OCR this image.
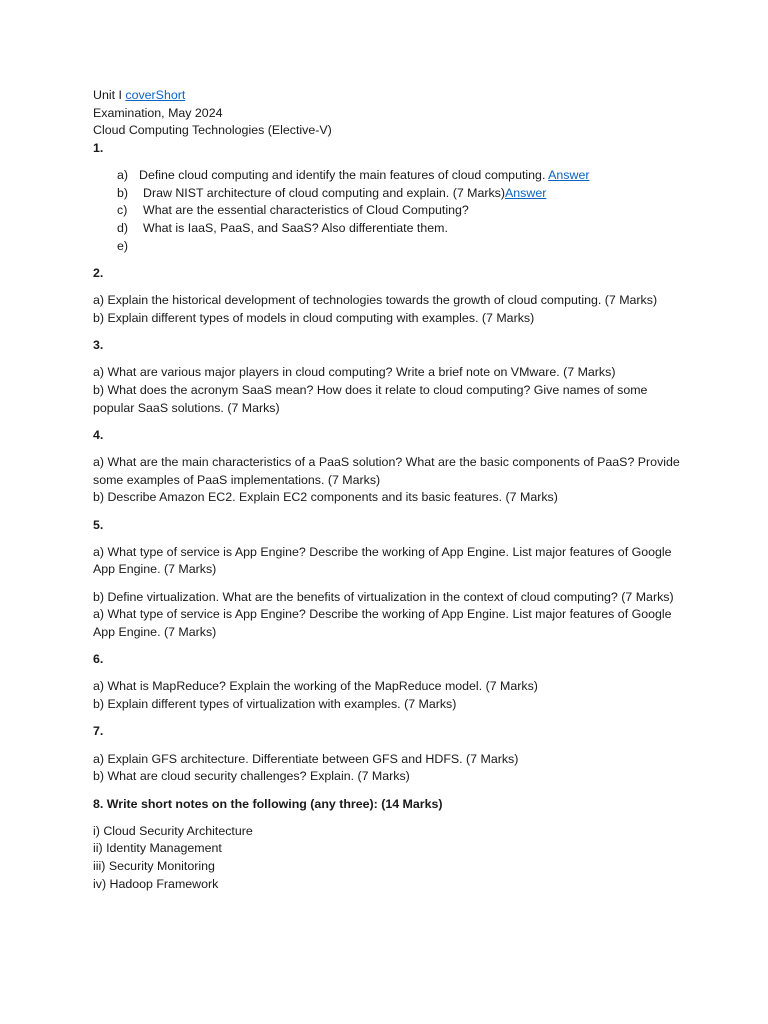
Unit I coverShort
Examination, May 2024
Cloud Computing Technologies (Elective-V)
1.
a) Define cloud computing and identify the main features of cloud computing. Answer
b) Draw NIST architecture of cloud computing and explain. (7 Marks)Answer
c) What are the essential characteristics of Cloud Computing?
d) What is IaaS, PaaS, and SaaS? Also differentiate them.
e)
2.
a) Explain the historical development of technologies towards the growth of cloud computing. (7 Marks)
b) Explain different types of models in cloud computing with examples. (7 Marks)
3.
a) What are various major players in cloud computing? Write a brief note on VMware. (7 Marks)
b) What does the acronym SaaS mean? How does it relate to cloud computing? Give names of some popular SaaS solutions. (7 Marks)
4.
a) What are the main characteristics of a PaaS solution? What are the basic components of PaaS? Provide some examples of PaaS implementations. (7 Marks)
b) Describe Amazon EC2. Explain EC2 components and its basic features. (7 Marks)
5.
a) What type of service is App Engine? Describe the working of App Engine. List major features of Google App Engine. (7 Marks)
b) Define virtualization. What are the benefits of virtualization in the context of cloud computing? (7 Marks)
a) What type of service is App Engine? Describe the working of App Engine. List major features of Google App Engine. (7 Marks)
6.
a) What is MapReduce? Explain the working of the MapReduce model. (7 Marks)
b) Explain different types of virtualization with examples. (7 Marks)
7.
a) Explain GFS architecture. Differentiate between GFS and HDFS. (7 Marks)
b) What are cloud security challenges? Explain. (7 Marks)
8. Write short notes on the following (any three): (14 Marks)
i) Cloud Security Architecture
ii) Identity Management
iii) Security Monitoring
iv) Hadoop Framework
